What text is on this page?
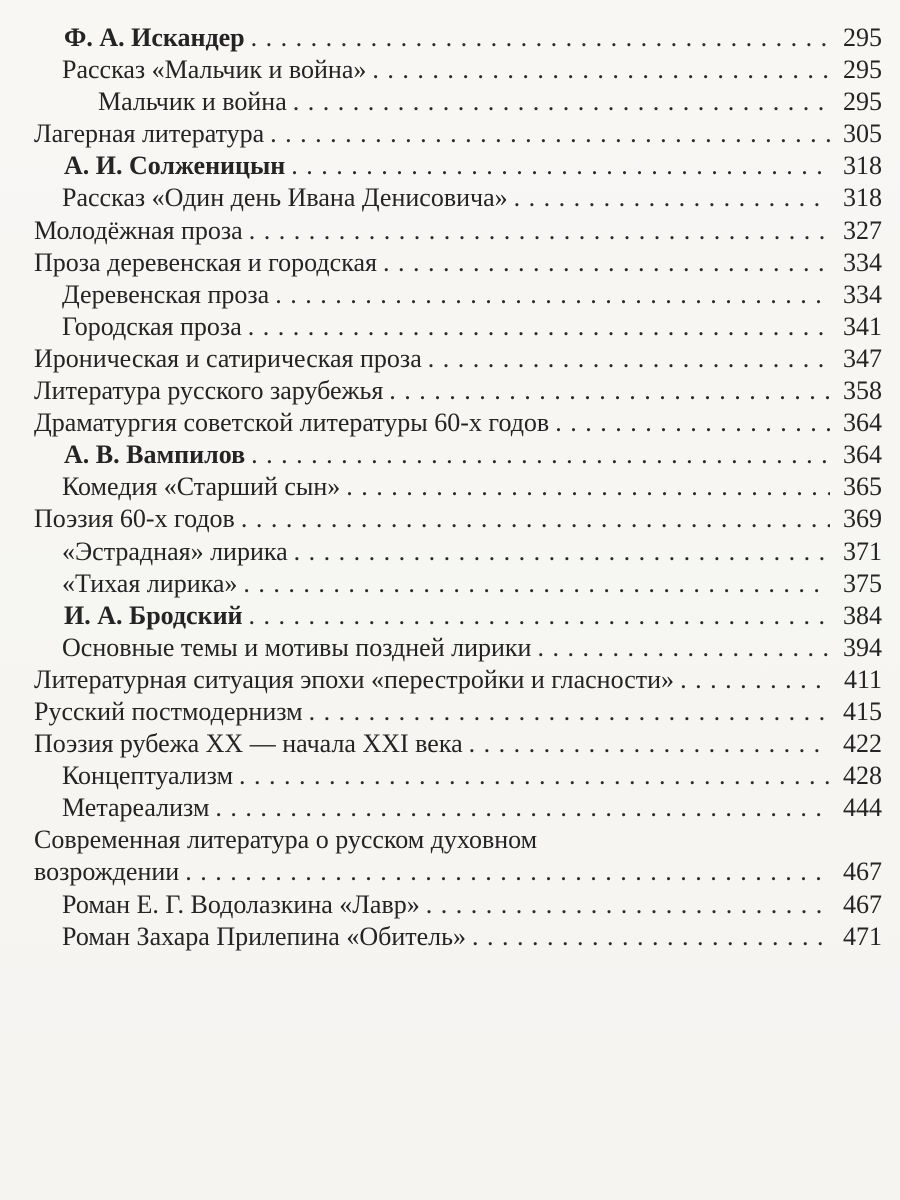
Ф. А. Искандер . . .	295
Рассказ «Мальчик и война» . . .	295
Мальчик и война . . .	295
Лагерная литература . . .	305
А. И. Солженицын . . .	318
Рассказ «Один день Ивана Денисовича» . . .	318
Молодёжная проза . . .	327
Проза деревенская и городская . . .	334
Деревенская проза . . .	334
Городская проза . . .	341
Ироническая и сатирическая проза . . .	347
Литература русского зарубежья . . .	358
Драматургия советской литературы 60-х годов . . .	364
А. В. Вампилов . . .	364
Комедия «Старший сын» . . .	365
Поэзия 60-х годов . . .	369
«Эстрадная» лирика . . .	371
«Тихая лирика» . . .	375
И. А. Бродский . . .	384
Основные темы и мотивы поздней лирики . . .	394
Литературная ситуация эпохи «перестройки и гласности» . . .	411
Русский постмодернизм . . .	415
Поэзия рубежа XX — начала XXI века . . .	422
Концептуализм . . .	428
Метареализм . . .	444
Современная литература о русском духовном
возрождении . . .	467
Роман Е. Г. Водолазкина «Лавр» . . .	467
Роман Захара Прилепина «Обитель» . . .	471
